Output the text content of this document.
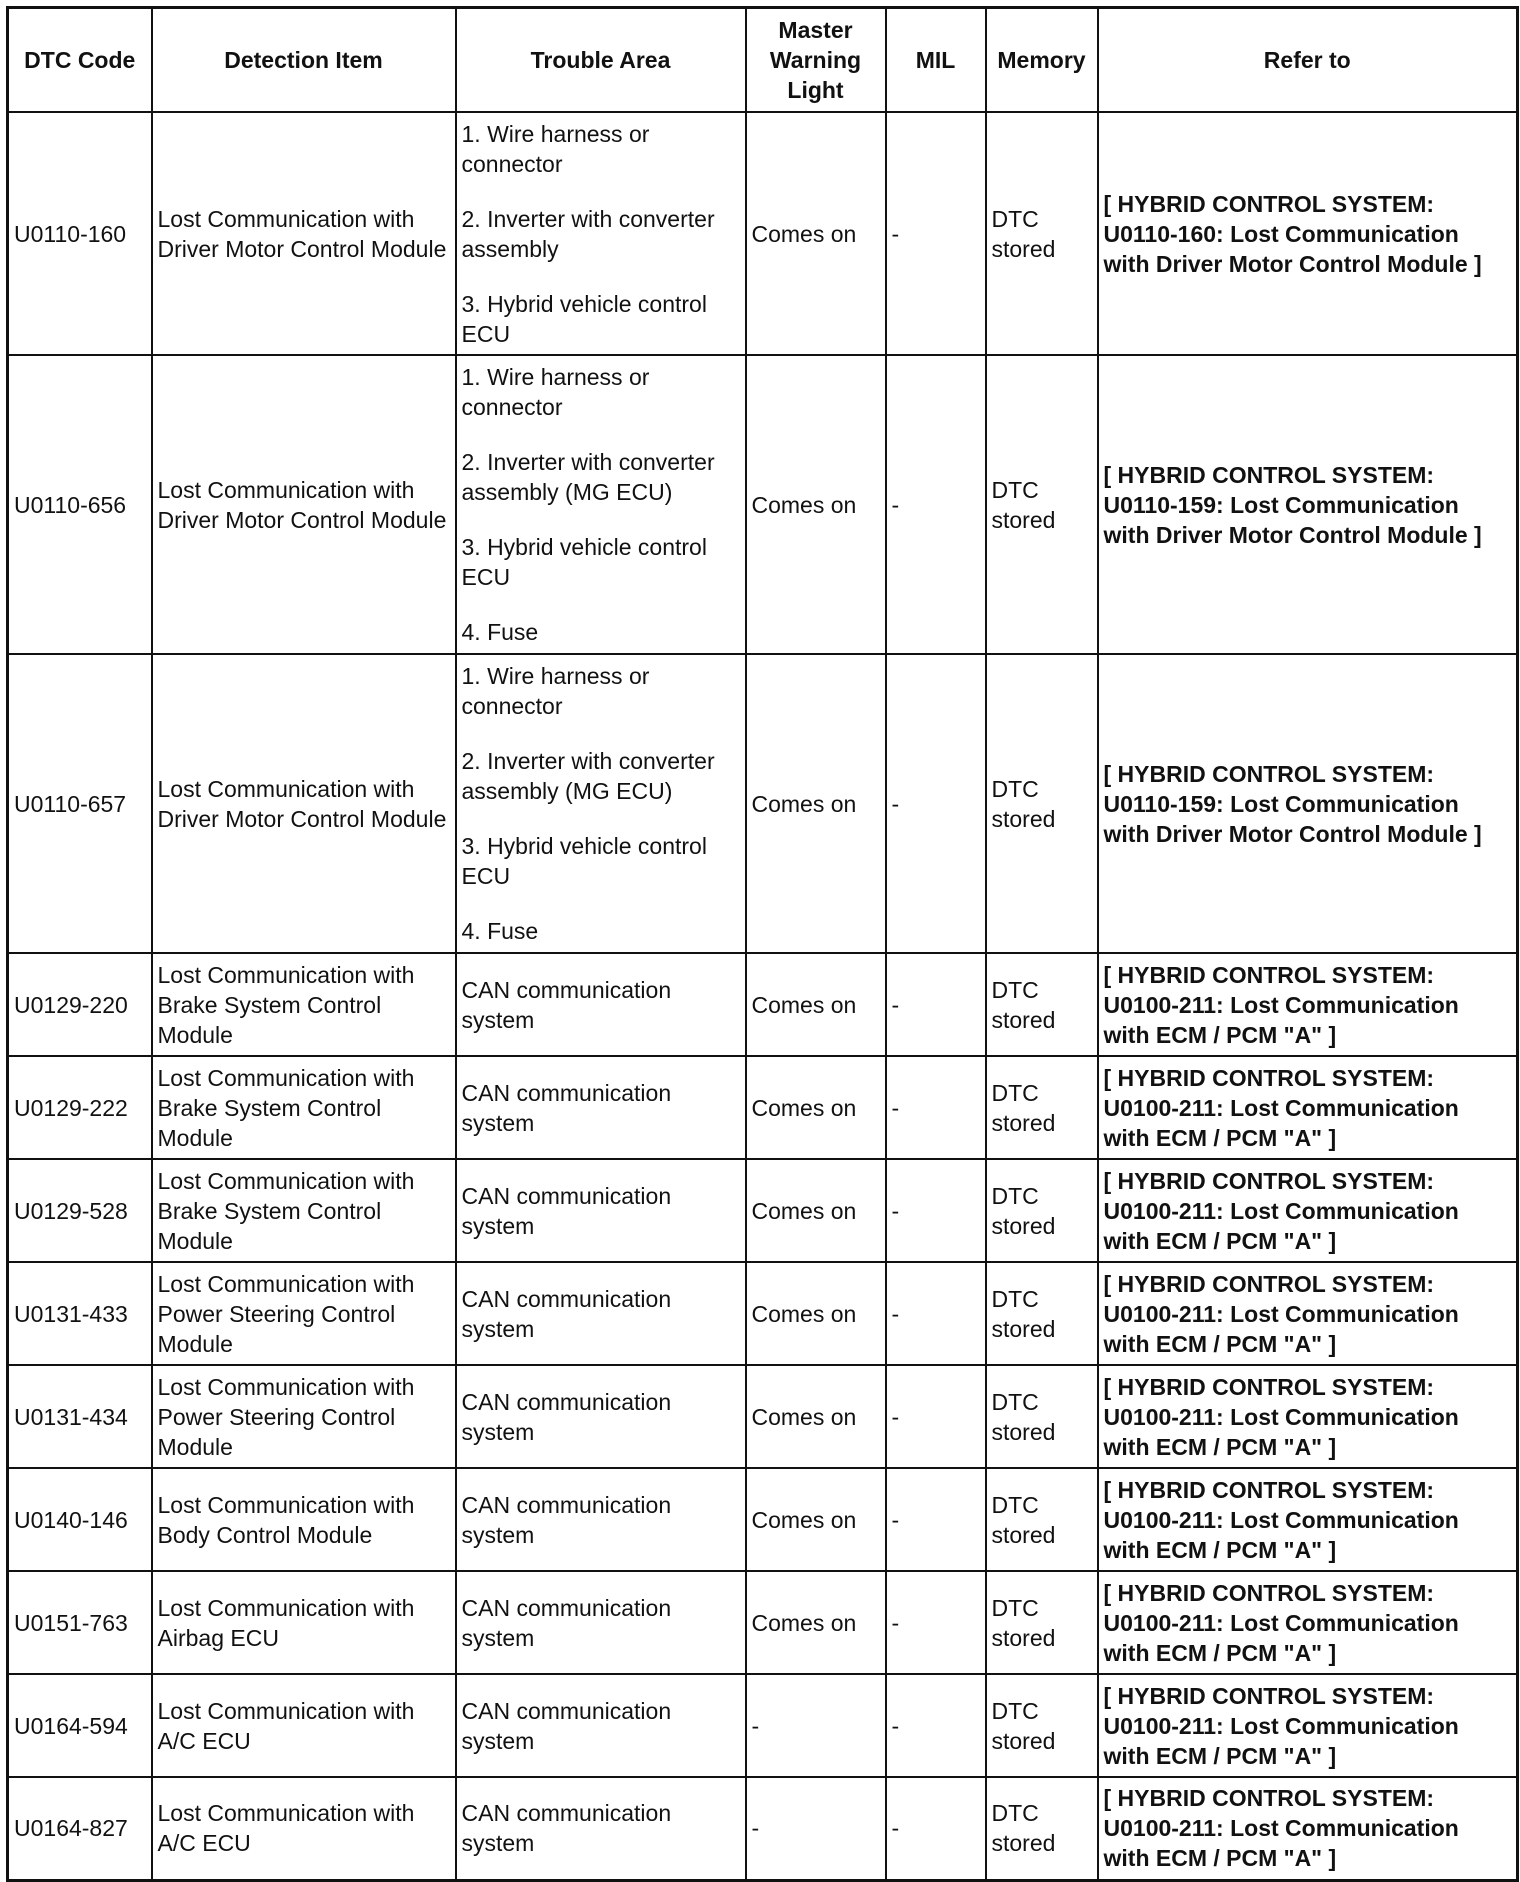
DTC Code	Detection Item	Trouble Area	Master Warning Light	MIL	Memory	Refer to
U0110-160	Lost Communication with Driver Motor Control Module	1. Wire harness or connector

2. Inverter with converter assembly

3. Hybrid vehicle control ECU	Comes on	-	DTC stored	[ HYBRID CONTROL SYSTEM: U0110-160: Lost Communication with Driver Motor Control Module ]
U0110-656	Lost Communication with Driver Motor Control Module	1. Wire harness or connector

2. Inverter with converter assembly (MG ECU)

3. Hybrid vehicle control ECU

4. Fuse	Comes on	-	DTC stored	[ HYBRID CONTROL SYSTEM: U0110-159: Lost Communication with Driver Motor Control Module ]
U0110-657	Lost Communication with Driver Motor Control Module	1. Wire harness or connector

2. Inverter with converter assembly (MG ECU)

3. Hybrid vehicle control ECU

4. Fuse	Comes on	-	DTC stored	[ HYBRID CONTROL SYSTEM: U0110-159: Lost Communication with Driver Motor Control Module ]
U0129-220	Lost Communication with Brake System Control Module	CAN communication system	Comes on	-	DTC stored	[ HYBRID CONTROL SYSTEM: U0100-211: Lost Communication with ECM / PCM "A" ]
U0129-222	Lost Communication with Brake System Control Module	CAN communication system	Comes on	-	DTC stored	[ HYBRID CONTROL SYSTEM: U0100-211: Lost Communication with ECM / PCM "A" ]
U0129-528	Lost Communication with Brake System Control Module	CAN communication system	Comes on	-	DTC stored	[ HYBRID CONTROL SYSTEM: U0100-211: Lost Communication with ECM / PCM "A" ]
U0131-433	Lost Communication with Power Steering Control Module	CAN communication system	Comes on	-	DTC stored	[ HYBRID CONTROL SYSTEM: U0100-211: Lost Communication with ECM / PCM "A" ]
U0131-434	Lost Communication with Power Steering Control Module	CAN communication system	Comes on	-	DTC stored	[ HYBRID CONTROL SYSTEM: U0100-211: Lost Communication with ECM / PCM "A" ]
U0140-146	Lost Communication with Body Control Module	CAN communication system	Comes on	-	DTC stored	[ HYBRID CONTROL SYSTEM: U0100-211: Lost Communication with ECM / PCM "A" ]
U0151-763	Lost Communication with Airbag ECU	CAN communication system	Comes on	-	DTC stored	[ HYBRID CONTROL SYSTEM: U0100-211: Lost Communication with ECM / PCM "A" ]
U0164-594	Lost Communication with A/C ECU	CAN communication system	-	-	DTC stored	[ HYBRID CONTROL SYSTEM: U0100-211: Lost Communication with ECM / PCM "A" ]
U0164-827	Lost Communication with A/C ECU	CAN communication system	-	-	DTC stored	[ HYBRID CONTROL SYSTEM: U0100-211: Lost Communication with ECM / PCM "A" ]
